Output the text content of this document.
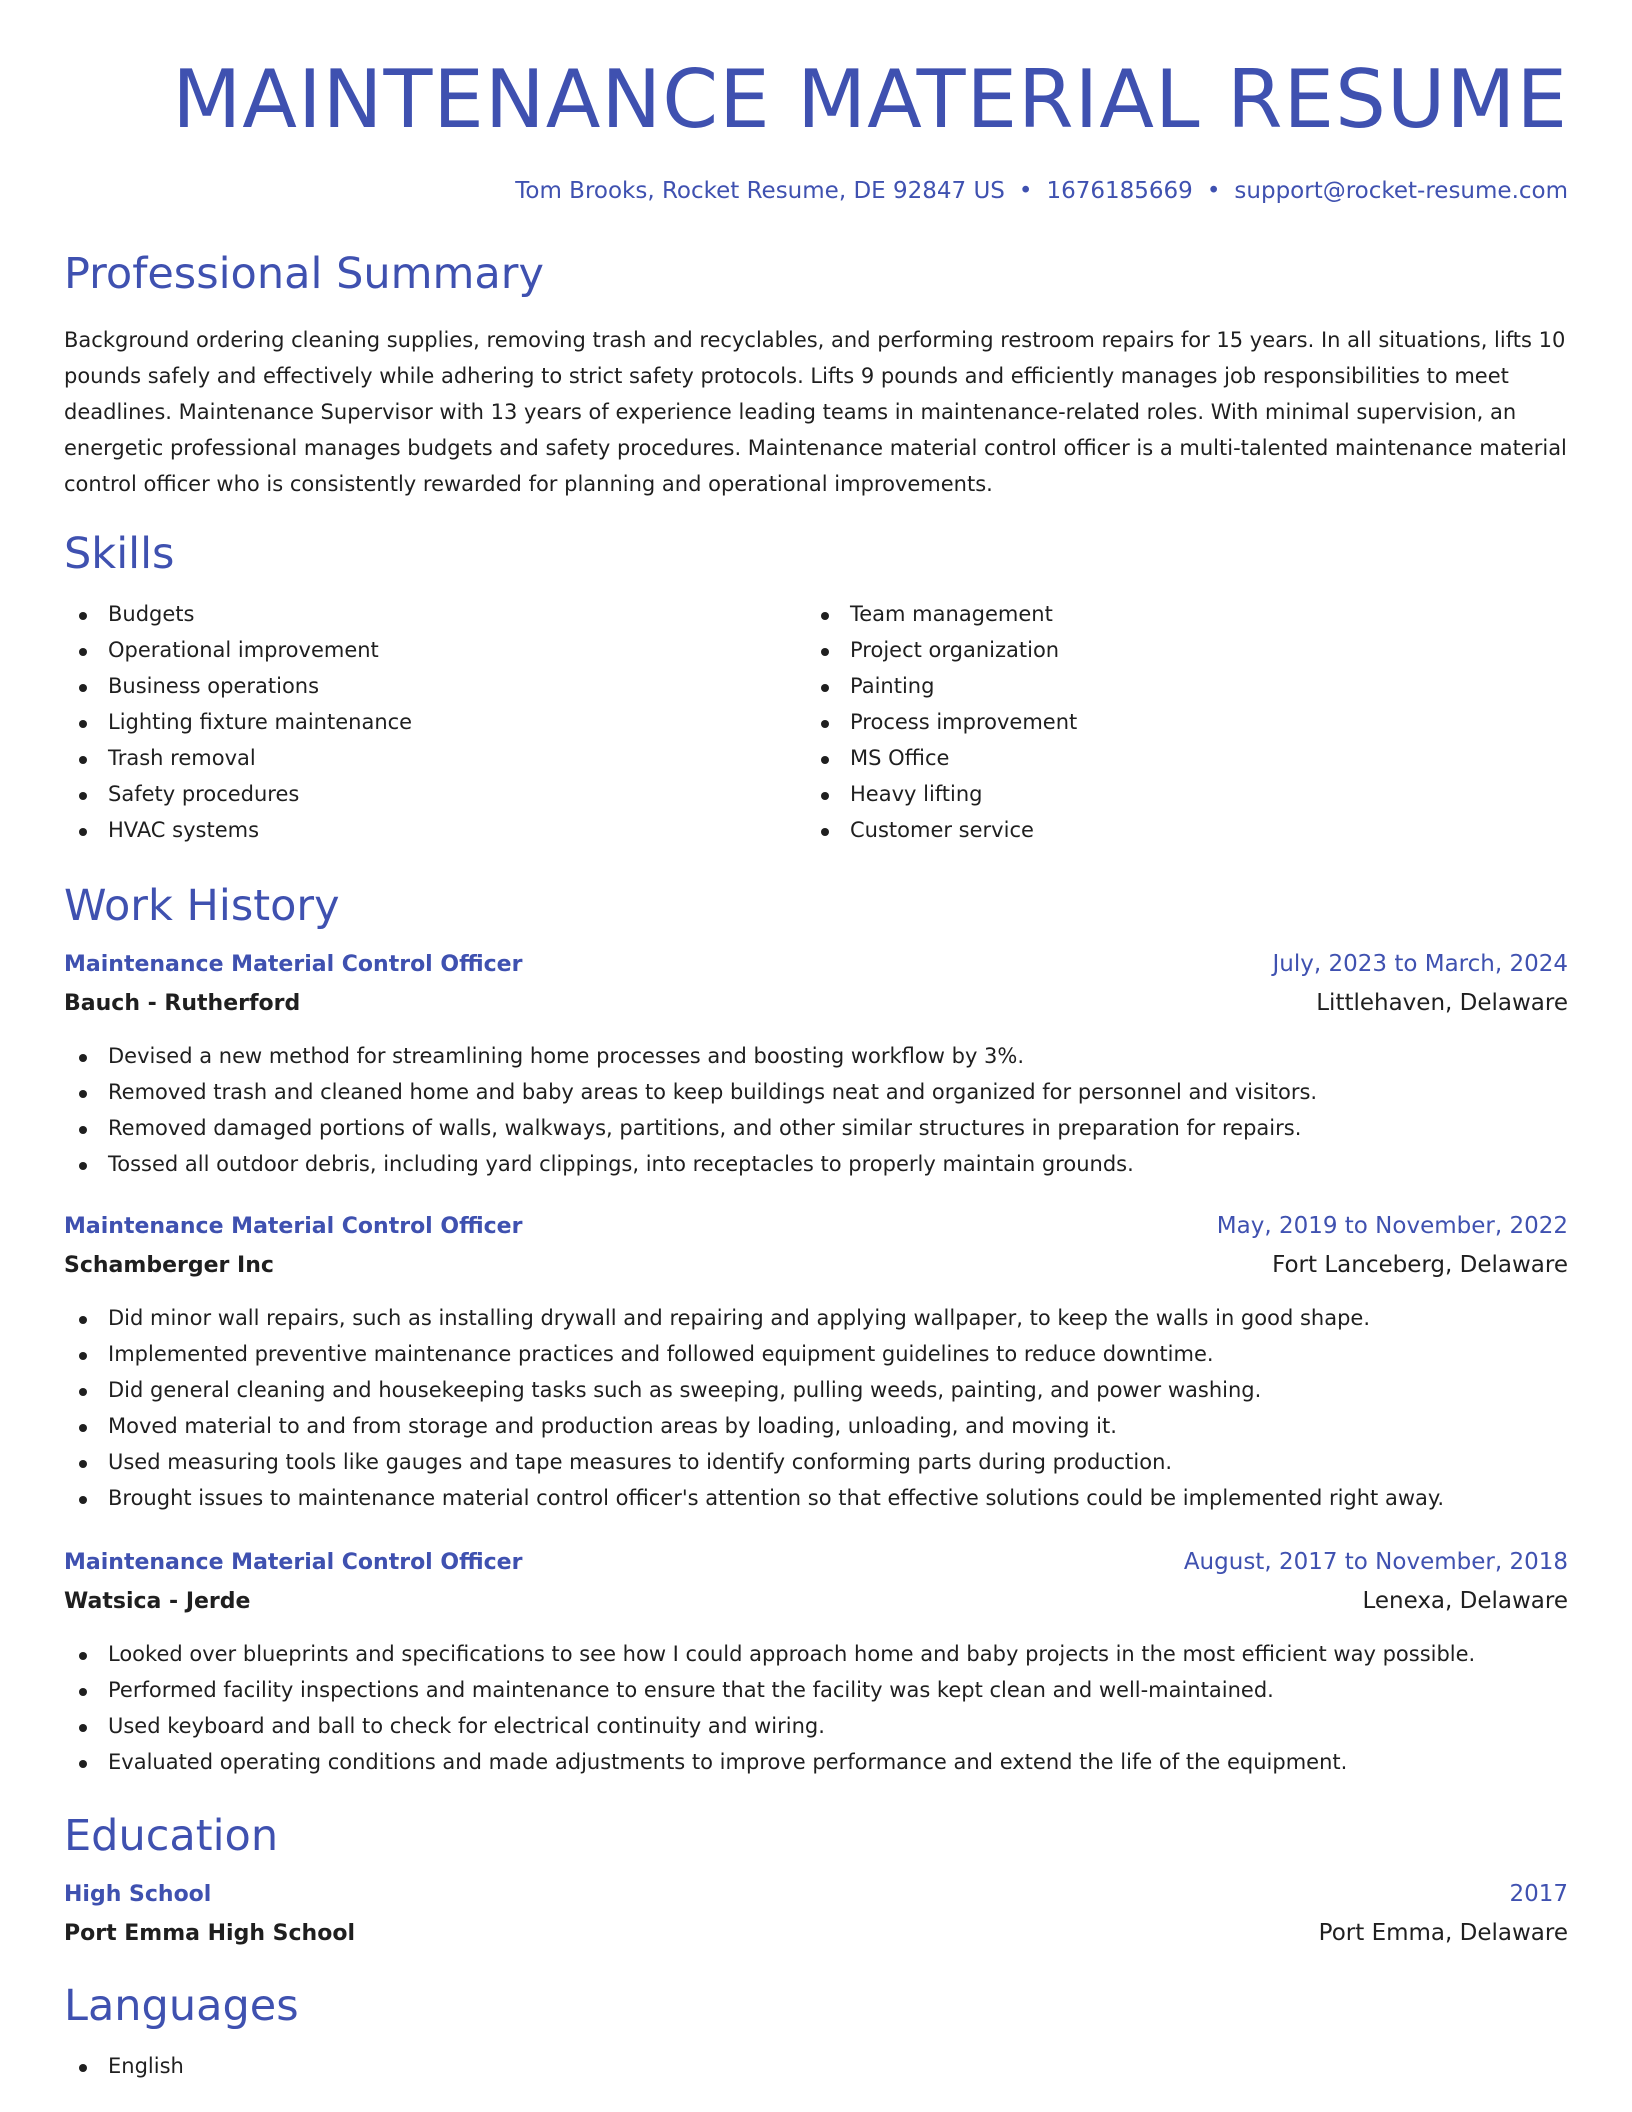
MAINTENANCE MATERIAL RESUME
Tom Brooks, Rocket Resume, DE 92847 US • 1676185669 • support@rocket-resume.com
Professional Summary

Background ordering cleaning supplies, removing trash and recyclables, and performing restroom repairs for 15 years. In all situations, lifts 10 pounds safely and effectively while adhering to strict safety protocols. Lifts 9 pounds and efficiently manages job responsibilities to meet deadlines. Maintenance Supervisor with 13 years of experience leading teams in maintenance-related roles. With minimal supervision, an energetic professional manages budgets and safety procedures. Maintenance material control officer is a multi-talented maintenance material control officer who is consistently rewarded for planning and operational improvements.

Skills
Budgets
Operational improvement
Business operations
Lighting fixture maintenance
Trash removal
Safety procedures
HVAC systems
Team management
Project organization
Painting
Process improvement
MS Office
Heavy lifting
Customer service
Work History
Maintenance Material Control Officer	July, 2023 to March, 2024
Bauch - Rutherford	Littlehaven, Delaware
Devised a new method for streamlining home processes and boosting workflow by 3%.
Removed trash and cleaned home and baby areas to keep buildings neat and organized for personnel and visitors.
Removed damaged portions of walls, walkways, partitions, and other similar structures in preparation for repairs.
Tossed all outdoor debris, including yard clippings, into receptacles to properly maintain grounds.
Maintenance Material Control Officer	May, 2019 to November, 2022
Schamberger Inc	Fort Lanceberg, Delaware
Did minor wall repairs, such as installing drywall and repairing and applying wallpaper, to keep the walls in good shape.
Implemented preventive maintenance practices and followed equipment guidelines to reduce downtime.
Did general cleaning and housekeeping tasks such as sweeping, pulling weeds, painting, and power washing.
Moved material to and from storage and production areas by loading, unloading, and moving it.
Used measuring tools like gauges and tape measures to identify conforming parts during production.
Brought issues to maintenance material control officer's attention so that effective solutions could be implemented right away.
Maintenance Material Control Officer	August, 2017 to November, 2018
Watsica - Jerde	Lenexa, Delaware
Looked over blueprints and specifications to see how I could approach home and baby projects in the most efficient way possible.
Performed facility inspections and maintenance to ensure that the facility was kept clean and well-maintained.
Used keyboard and ball to check for electrical continuity and wiring.
Evaluated operating conditions and made adjustments to improve performance and extend the life of the equipment.
Education
High School	2017
Port Emma High School	Port Emma, Delaware
Languages
English
